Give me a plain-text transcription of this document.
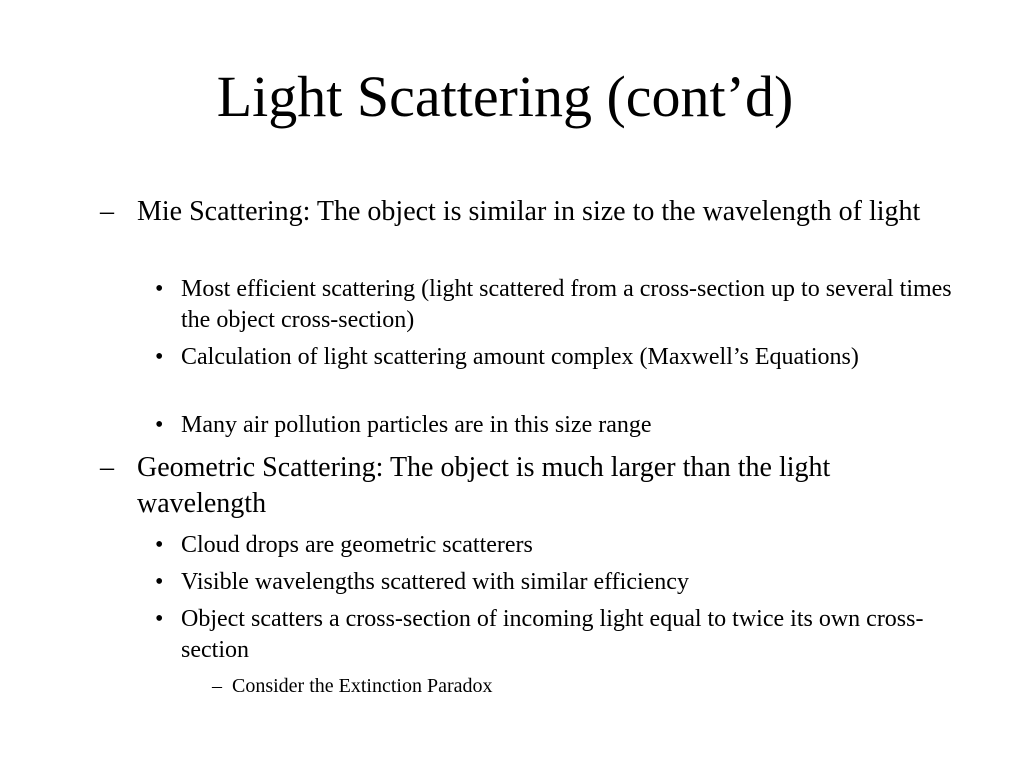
Light Scattering (cont’d)
– Mie Scattering: The object is similar in size to the wavelength of light
• Most efficient scattering (light scattered from a cross-section up to several times the object cross-section)
• Calculation of light scattering amount complex (Maxwell’s Equations)
• Many air pollution particles are in this size range
– Geometric Scattering: The object is much larger than the light wavelength
• Cloud drops are geometric scatterers
• Visible wavelengths scattered with similar efficiency
• Object scatters a cross-section of incoming light equal to twice its own cross-section
– Consider the Extinction Paradox
